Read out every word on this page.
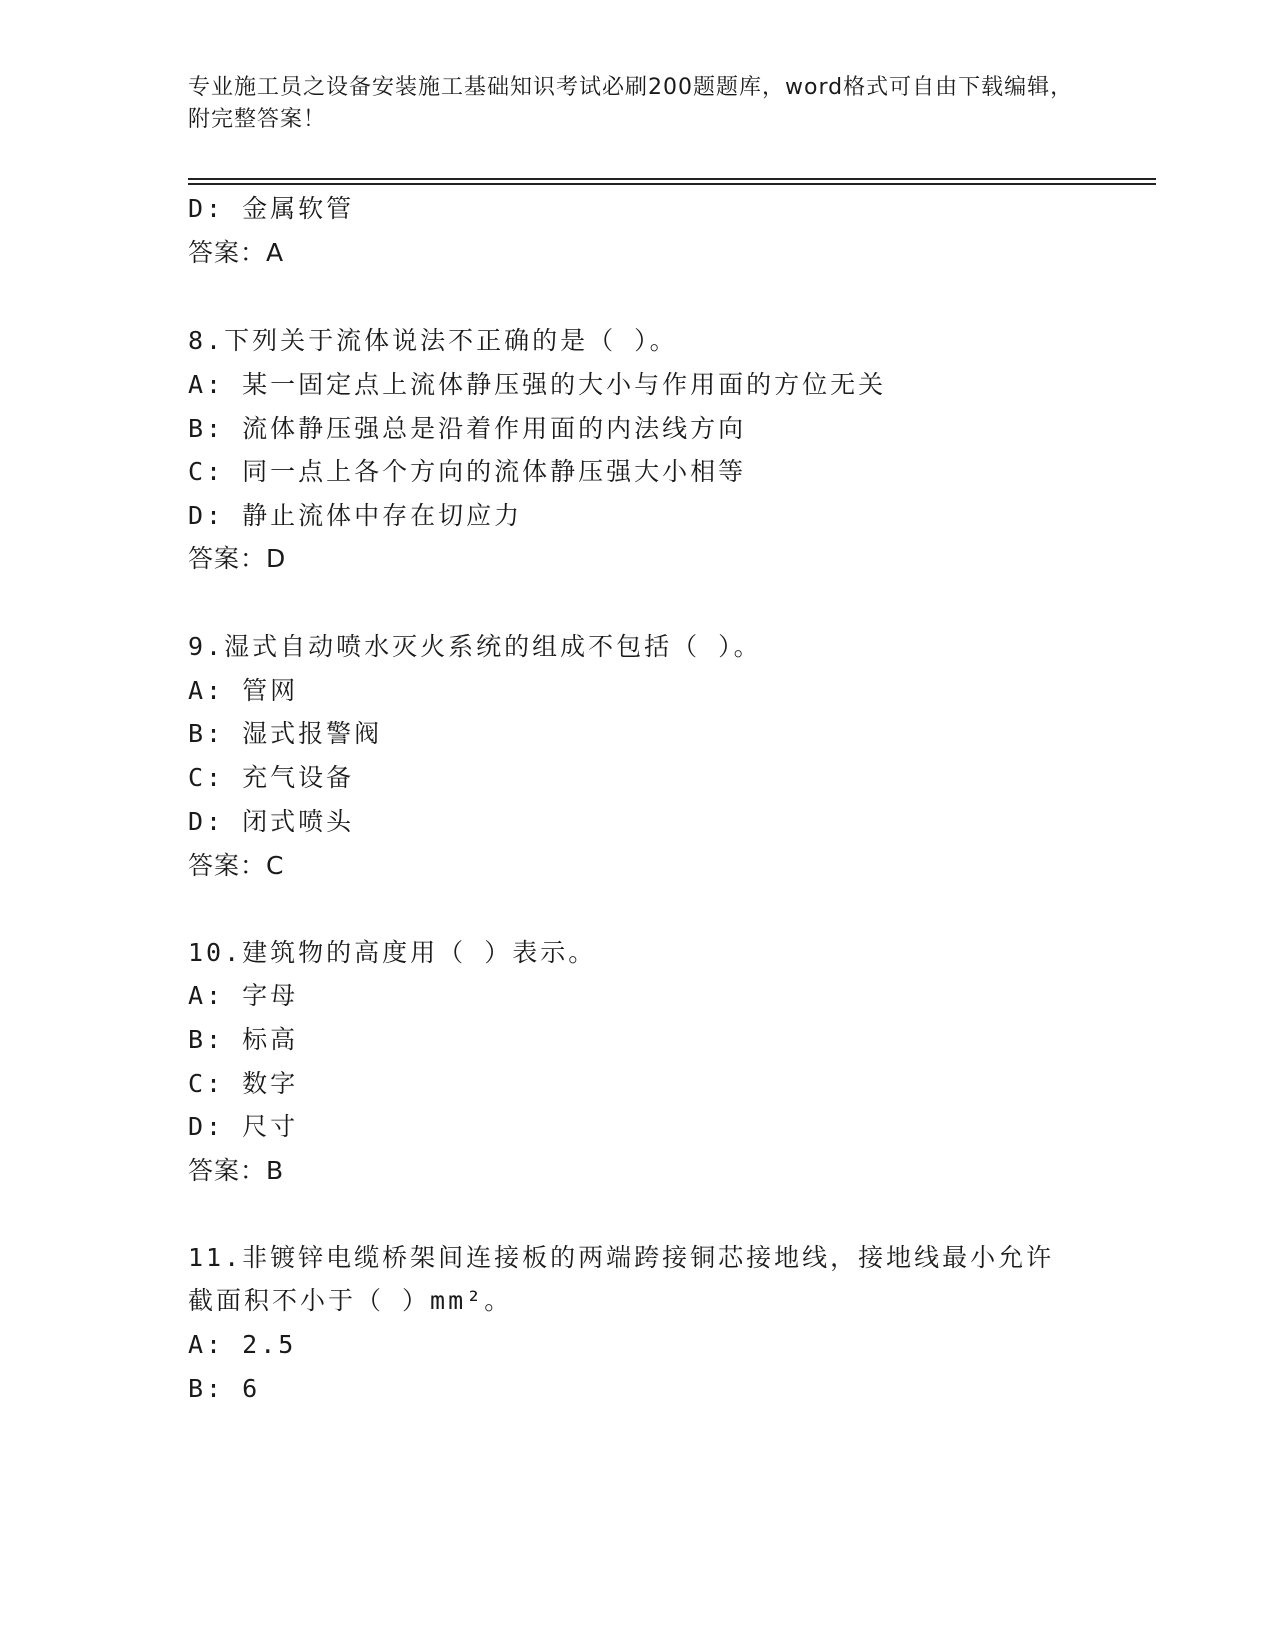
专业施工员之设备安装施工基础知识考试必刷200题题库，word格式可自由下载编辑，附完整答案！
D: 金属软管
答案：A
8.下列关于流体说法不正确的是（ ）。
A: 某一固定点上流体静压强的大小与作用面的方位无关
B: 流体静压强总是沿着作用面的内法线方向
C: 同一点上各个方向的流体静压强大小相等
D: 静止流体中存在切应力
答案：D
9.湿式自动喷水灭火系统的组成不包括（ ）。
A: 管网
B: 湿式报警阀
C: 充气设备
D: 闭式喷头
答案：C
10.建筑物的高度用（ ）表示。
A: 字母
B: 标高
C: 数字
D: 尺寸
答案：B
11.非镀锌电缆桥架间连接板的两端跨接铜芯接地线，接地线最小允许
截面积不小于（ ）mm²。
A: 2.5
B: 6
